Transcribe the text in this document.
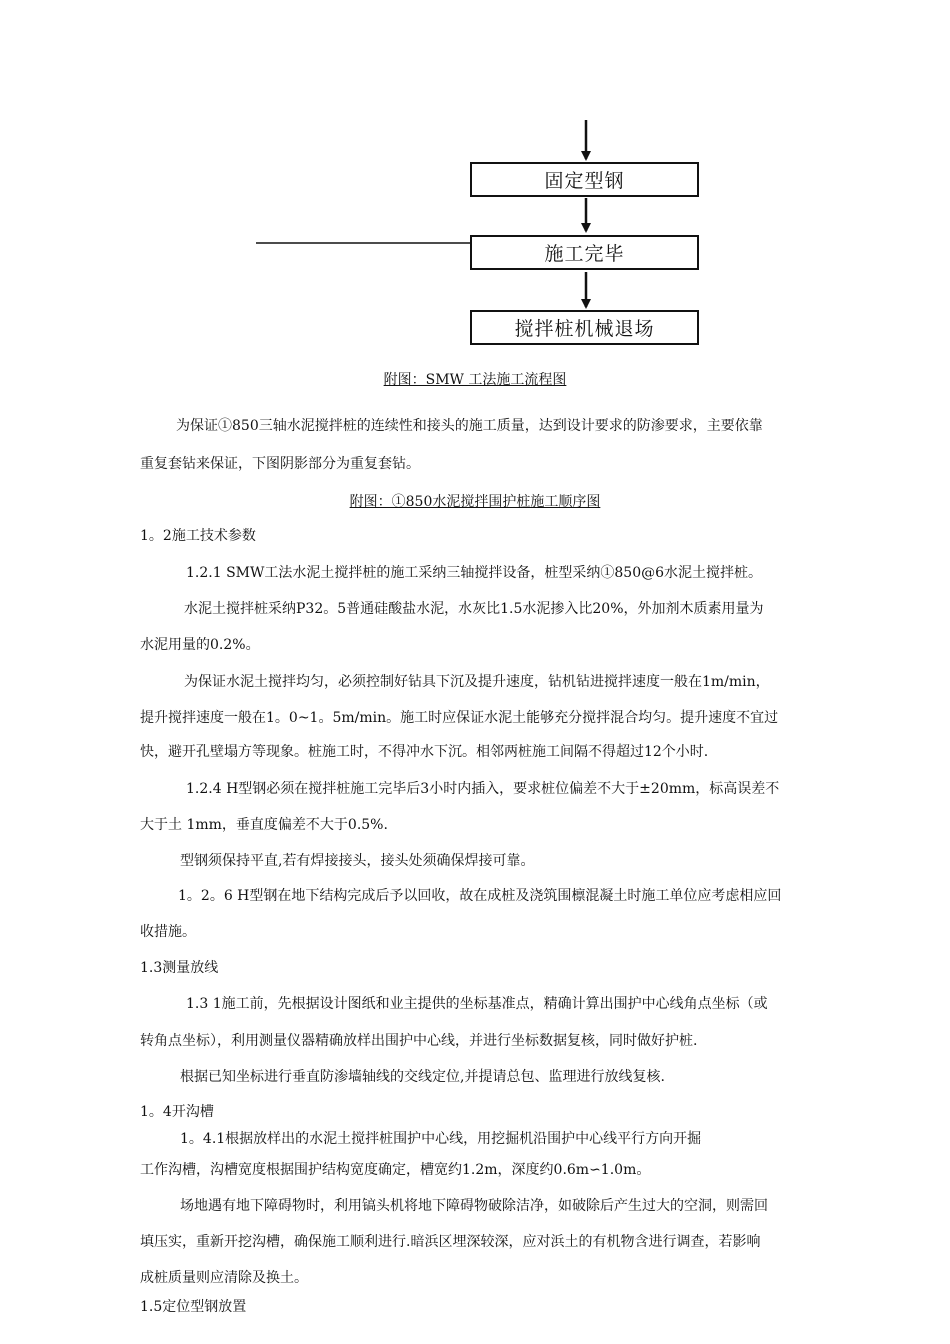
固定型钢
施工完毕
搅拌桩机械退场
附图：SMW 工法施工流程图
为保证①850三轴水泥搅拌桩的连续性和接头的施工质量，达到设计要求的防渗要求，主要依靠
重复套钻来保证，下图阴影部分为重复套钻。
附图：①850水泥搅拌围护桩施工顺序图
1。2施工技术参数
1.2.1 SMW工法水泥土搅拌桩的施工采纳三轴搅拌设备，桩型采纳①850@6水泥土搅拌桩。
水泥土搅拌桩采纳P32。5普通硅酸盐水泥，水灰比1.5水泥掺入比20%，外加剂木质素用量为
水泥用量的0.2%。
为保证水泥土搅拌均匀，必须控制好钻具下沉及提升速度，钻机钻进搅拌速度一般在1m/min，
提升搅拌速度一般在1。0~1。5m/min。施工时应保证水泥土能够充分搅拌混合均匀。提升速度不宜过
快，避开孔壁塌方等现象。桩施工时，不得冲水下沉。相邻两桩施工间隔不得超过12个小时.
1.2.4 H型钢必须在搅拌桩施工完毕后3小时内插入，要求桩位偏差不大于±20mm，标高误差不
大于土 1mm，垂直度偏差不大于0.5%.
型钢须保持平直,若有焊接接头，接头处须确保焊接可靠。
1。2。6 H型钢在地下结构完成后予以回收，故在成桩及浇筑围檩混凝土时施工单位应考虑相应回
收措施。
1.3测量放线
1.3 1施工前，先根据设计图纸和业主提供的坐标基准点，精确计算出围护中心线角点坐标（或
转角点坐标），利用测量仪器精确放样出围护中心线，并进行坐标数据复核，同时做好护桩.
根据已知坐标进行垂直防渗墙轴线的交线定位,并提请总包、监理进行放线复核.
1。4开沟槽
1。4.1根据放样出的水泥土搅拌桩围护中心线，用挖掘机沿围护中心线平行方向开掘
工作沟槽，沟槽宽度根据围护结构宽度确定，槽宽约1.2m，深度约0.6m∽1.0m。
场地遇有地下障碍物时，利用镐头机将地下障碍物破除洁净，如破除后产生过大的空洞，则需回
填压实，重新开挖沟槽，确保施工顺利进行.暗浜区埋深较深，应对浜土的有机物含进行调查，若影响
成桩质量则应清除及换土。
1.5定位型钢放置
